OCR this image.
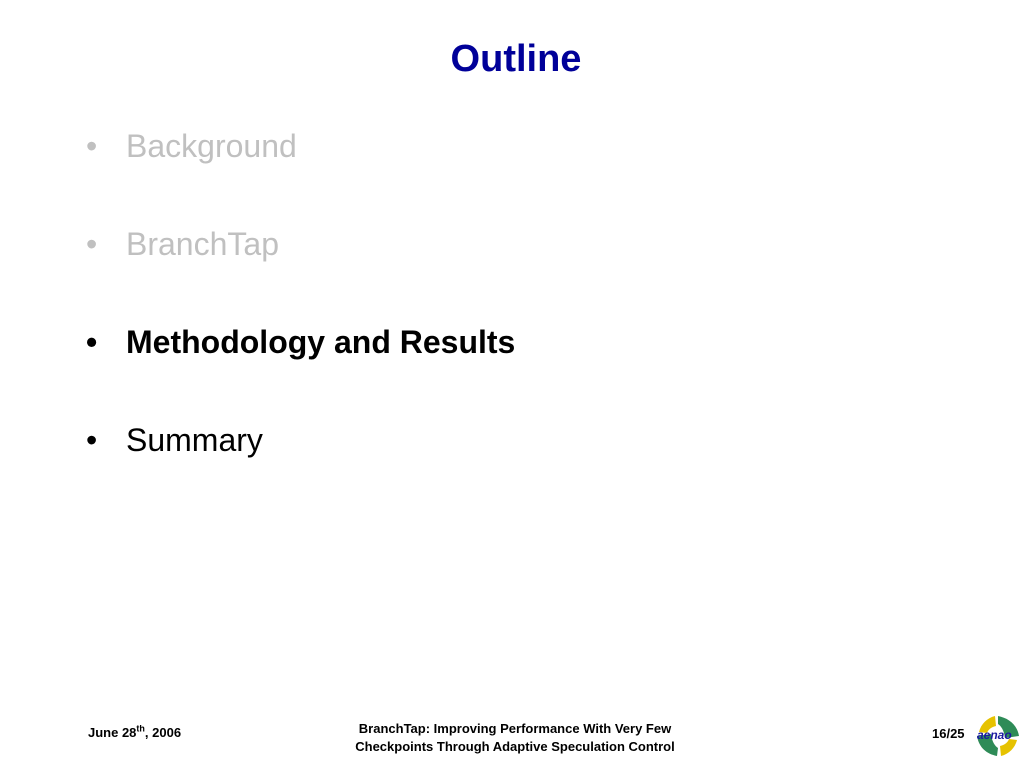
Outline
• Background
• BranchTap
• Methodology and Results
• Summary
June 28th, 2006	BranchTap: Improving Performance With Very Few
Checkpoints Through Adaptive Speculation Control
16/25 aenao
